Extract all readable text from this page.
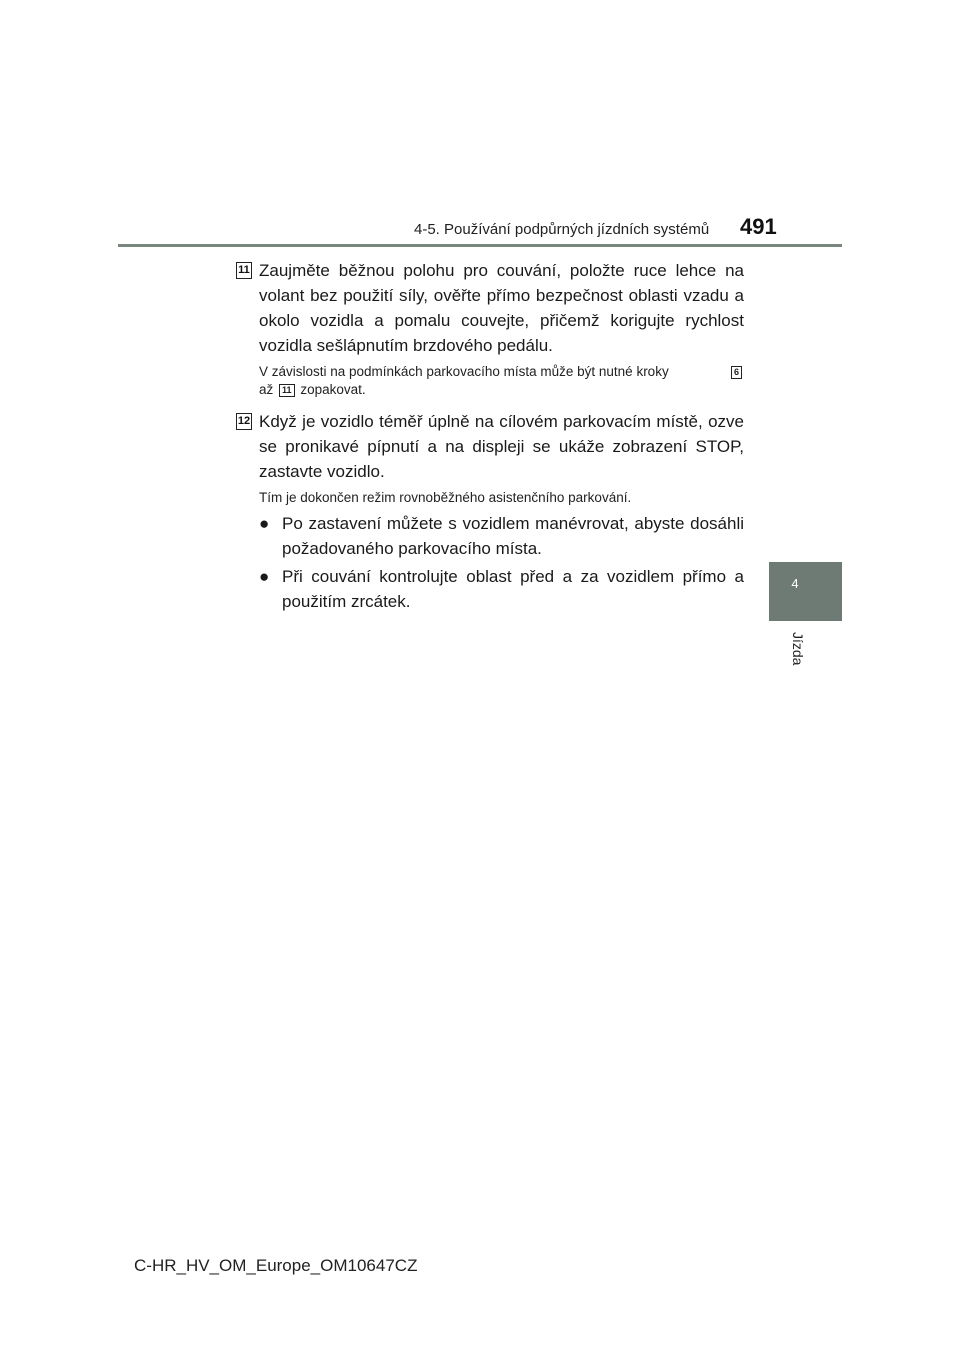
4-5. Používání podpůrných jízdních systémů 491
4
Jízda
11 Zaujměte běžnou polohu pro couvání, položte ruce lehce na volant bez použití síly, ověřte přímo bezpečnost oblasti vzadu a okolo vozidla a pomalu couvejte, přičemž korigujte rychlost vozidla sešlápnutím brzdového pedálu.

6
V závislosti na podmínkách parkovacího místa může být nutné kroky
až 11 zopakovat.

12 Když je vozidlo téměř úplně na cílovém parkovacím místě, ozve se pronikavé pípnutí a na displeji se ukáže zobrazení STOP, zastavte vozidlo.

Tím je dokončen režim rovnoběžného asistenčního parkování.

● Po zastavení můžete s vozidlem manévrovat, abyste dosáhli požadovaného parkovacího místa.
● Při couvání kontrolujte oblast před a za vozidlem přímo a použitím zrcátek.
C-HR_HV_OM_Europe_OM10647CZ
